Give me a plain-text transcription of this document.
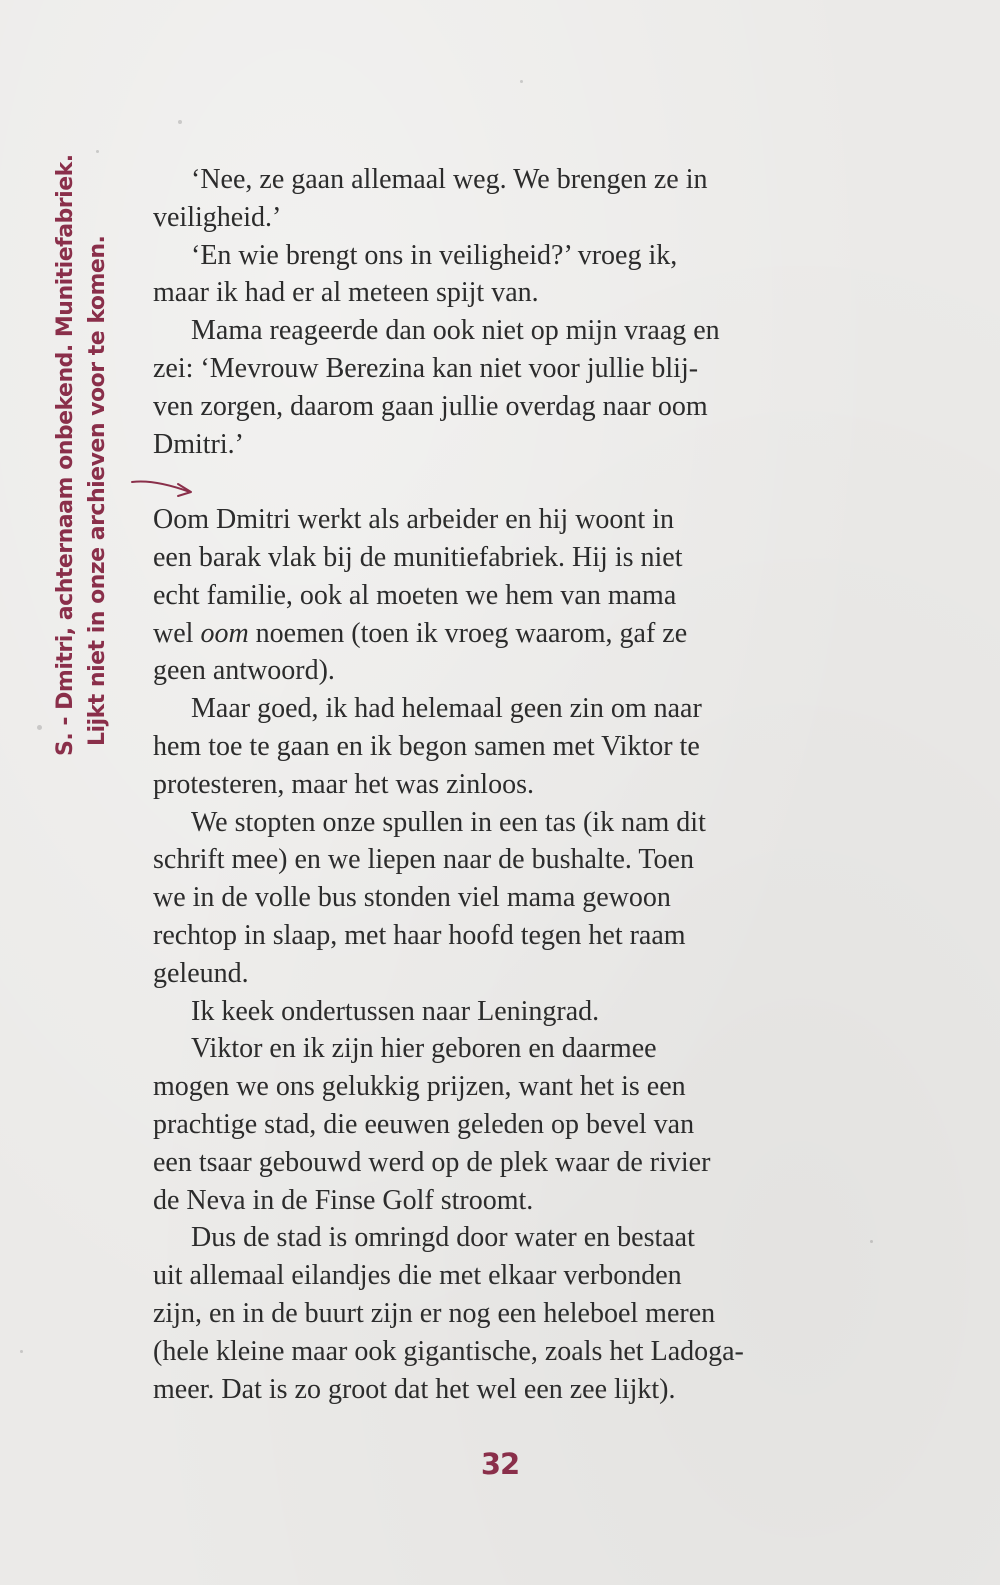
S. - Dmitri, achternaam onbekend. Munitiefabriek. Lijkt niet in onze archieven voor te komen.

‘Nee, ze gaan allemaal weg. We brengen ze in

veiligheid.’

‘En wie brengt ons in veiligheid?’ vroeg ik,

maar ik had er al meteen spijt van.

Mama reageerde dan ook niet op mijn vraag en

zei: ‘Mevrouw Berezina kan niet voor jullie blij-

ven zorgen, daarom gaan jullie overdag naar oom

Dmitri.’

Oom Dmitri werkt als arbeider en hij woont in

een barak vlak bij de munitiefabriek. Hij is niet

echt familie, ook al moeten we hem van mama

wel oom noemen (toen ik vroeg waarom, gaf ze

geen antwoord).

Maar goed, ik had helemaal geen zin om naar

hem toe te gaan en ik begon samen met Viktor te

protesteren, maar het was zinloos.

We stopten onze spullen in een tas (ik nam dit

schrift mee) en we liepen naar de bushalte. Toen

we in de volle bus stonden viel mama gewoon

rechtop in slaap, met haar hoofd tegen het raam

geleund.

Ik keek ondertussen naar Leningrad.

Viktor en ik zijn hier geboren en daarmee

mogen we ons gelukkig prijzen, want het is een

prachtige stad, die eeuwen geleden op bevel van

een tsaar gebouwd werd op de plek waar de rivier

de Neva in de Finse Golf stroomt.

Dus de stad is omringd door water en bestaat

uit allemaal eilandjes die met elkaar verbonden

zijn, en in de buurt zijn er nog een heleboel meren

(hele kleine maar ook gigantische, zoals het Ladoga-

meer. Dat is zo groot dat het wel een zee lijkt).

32
